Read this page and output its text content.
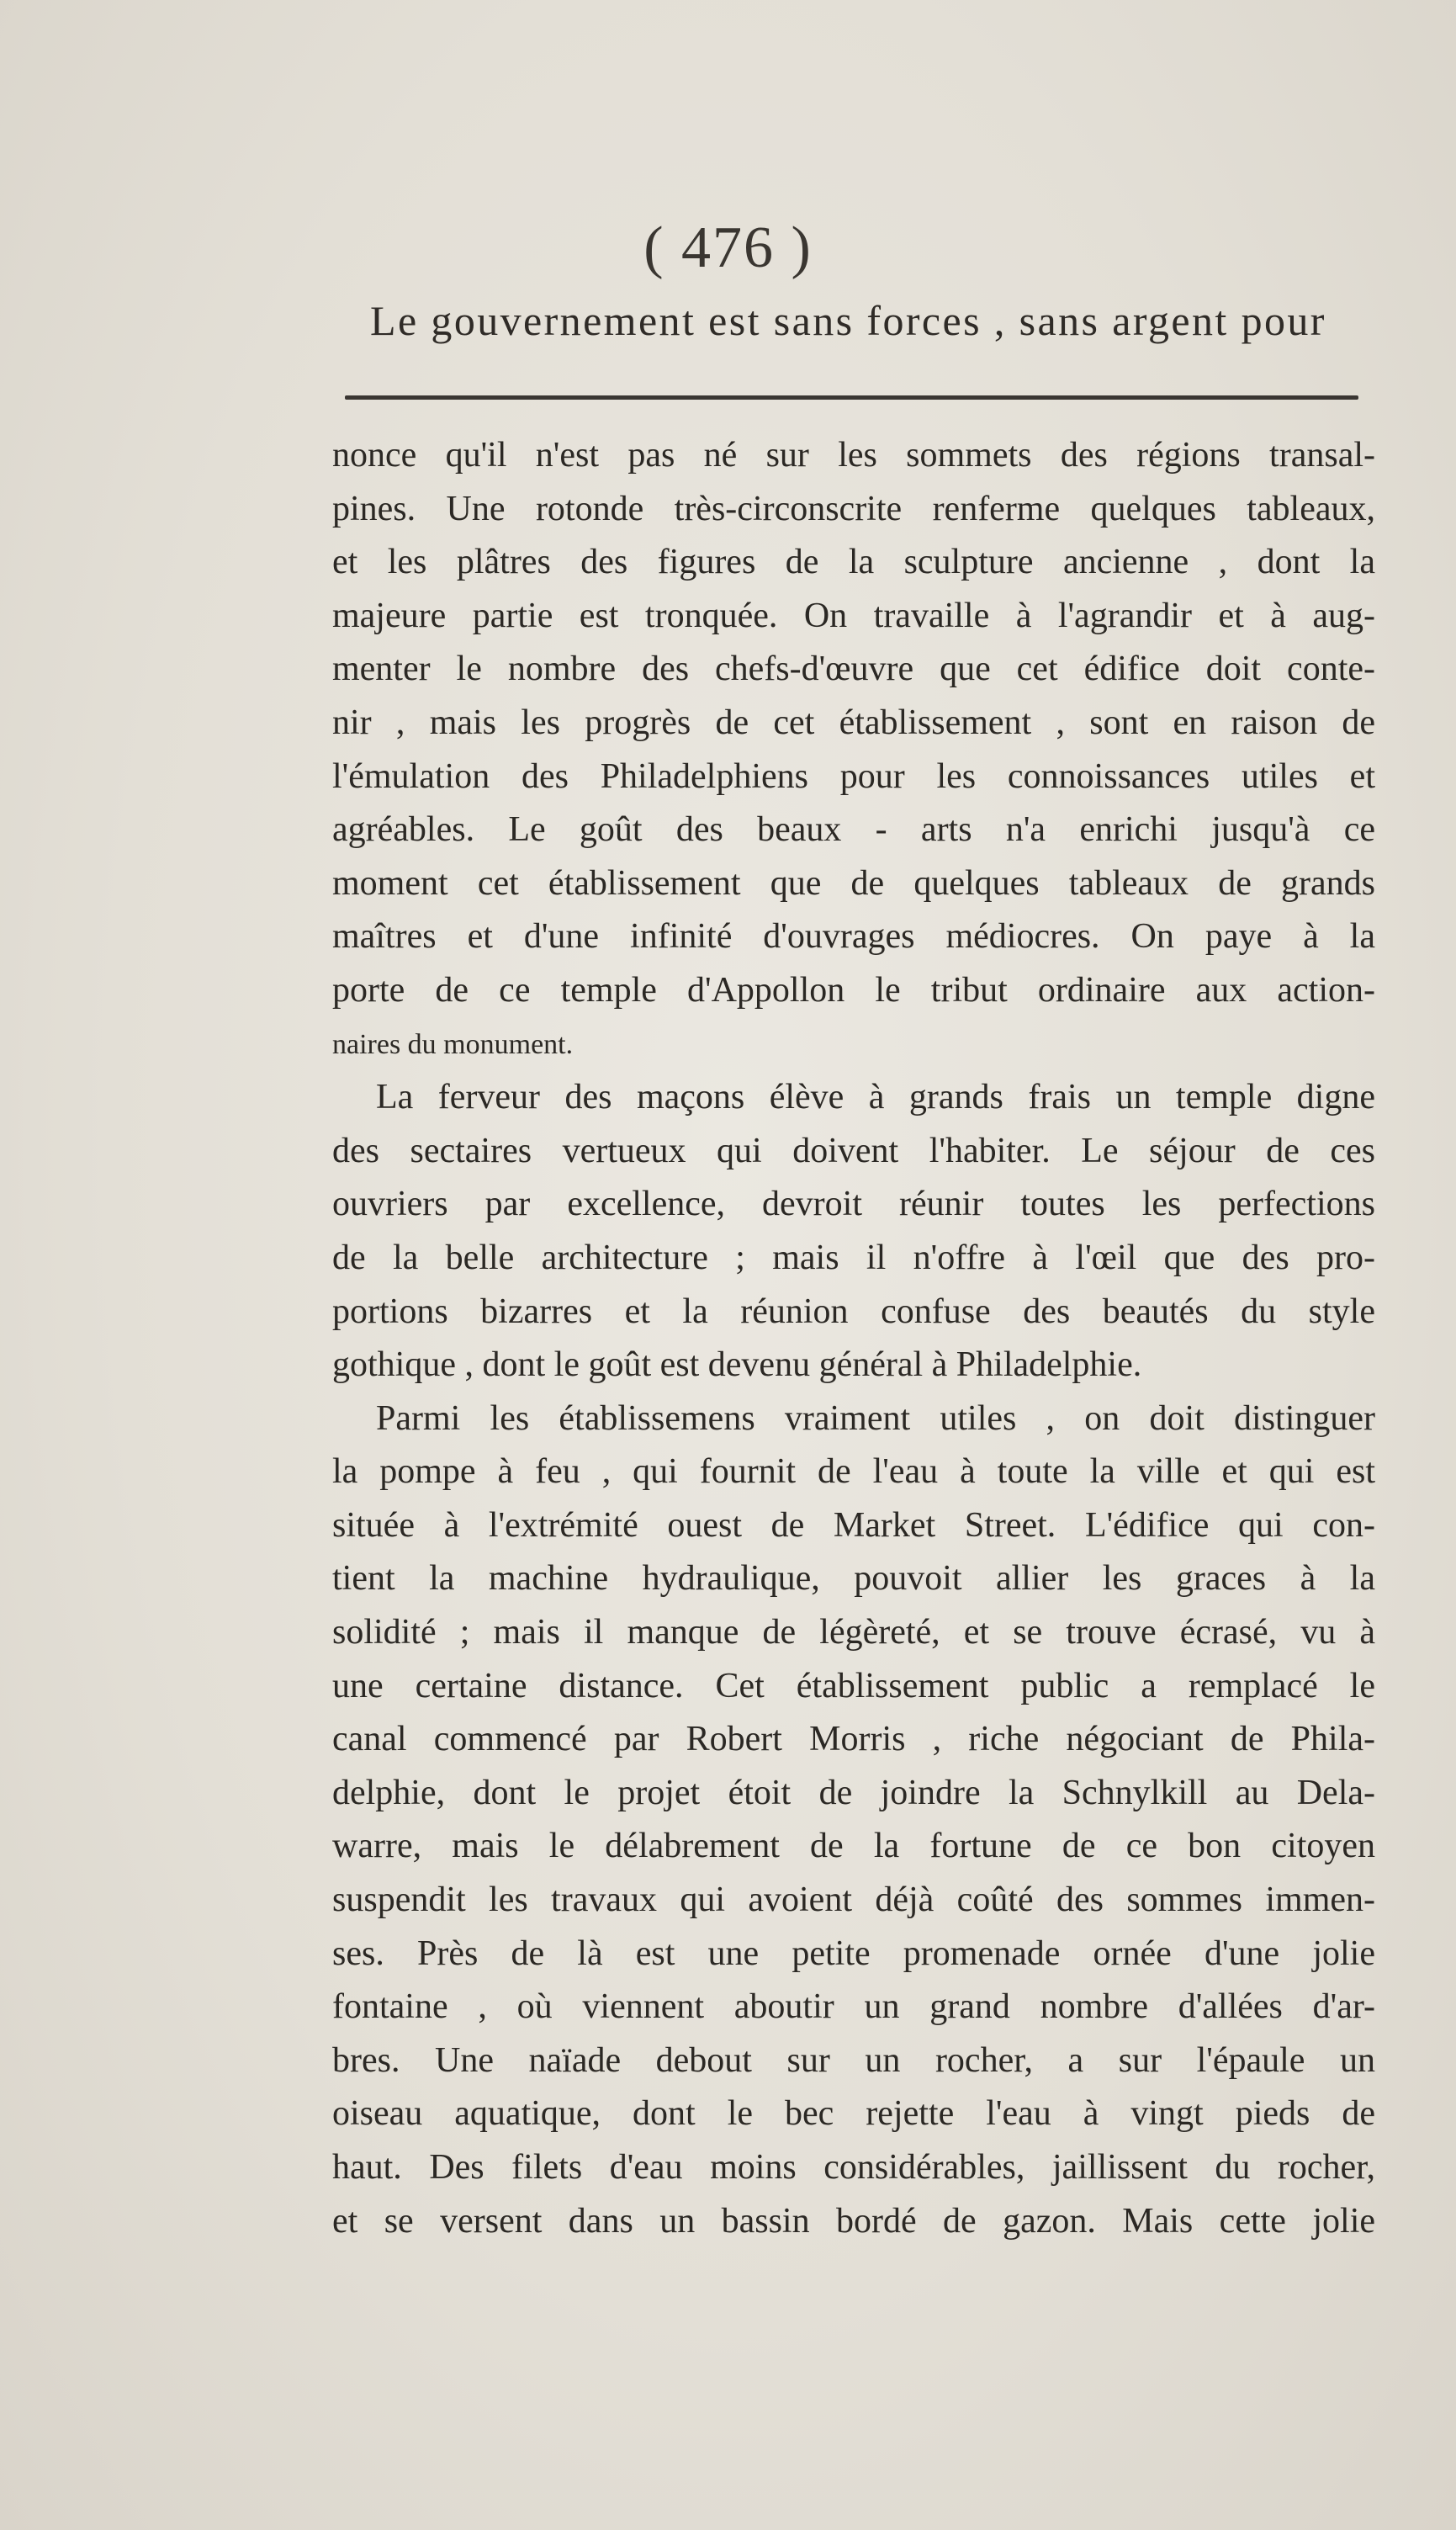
( 476 )
Le gouvernement est sans forces , sans argent pour
nonce qu'il n'est pas né sur les sommets des régions transal-
pines. Une rotonde très-circonscrite renferme quelques tableaux,
et les plâtres des figures de la sculpture ancienne , dont la
majeure partie est tronquée. On travaille à l'agrandir et à aug-
menter le nombre des chefs-d'œuvre que cet édifice doit conte-
nir , mais les progrès de cet établissement , sont en raison de
l'émulation des Philadelphiens pour les connoissances utiles et
agréables. Le goût des beaux - arts n'a enrichi jusqu'à ce
moment cet établissement que de quelques tableaux de grands
maîtres et d'une infinité d'ouvrages médiocres. On paye à la
porte de ce temple d'Appollon le tribut ordinaire aux action-
naires du monument.
La ferveur des maçons élève à grands frais un temple digne
des sectaires vertueux qui doivent l'habiter. Le séjour de ces
ouvriers par excellence, devroit réunir toutes les perfections
de la belle architecture ; mais il n'offre à l'œil que des pro-
portions bizarres et la réunion confuse des beautés du style
gothique , dont le goût est devenu général à Philadelphie.
Parmi les établissemens vraiment utiles , on doit distinguer
la pompe à feu , qui fournit de l'eau à toute la ville et qui est
située à l'extrémité ouest de Market Street. L'édifice qui con-
tient la machine hydraulique, pouvoit allier les graces à la
solidité ; mais il manque de légèreté, et se trouve écrasé, vu à
une certaine distance. Cet établissement public a remplacé le
canal commencé par Robert Morris , riche négociant de Phila-
delphie, dont le projet étoit de joindre la Schnylkill au Dela-
warre, mais le délabrement de la fortune de ce bon citoyen
suspendit les travaux qui avoient déjà coûté des sommes immen-
ses. Près de là est une petite promenade ornée d'une jolie
fontaine , où viennent aboutir un grand nombre d'allées d'ar-
bres. Une naïade debout sur un rocher, a sur l'épaule un
oiseau aquatique, dont le bec rejette l'eau à vingt pieds de
haut. Des filets d'eau moins considérables, jaillissent du rocher,
et se versent dans un bassin bordé de gazon. Mais cette jolie
